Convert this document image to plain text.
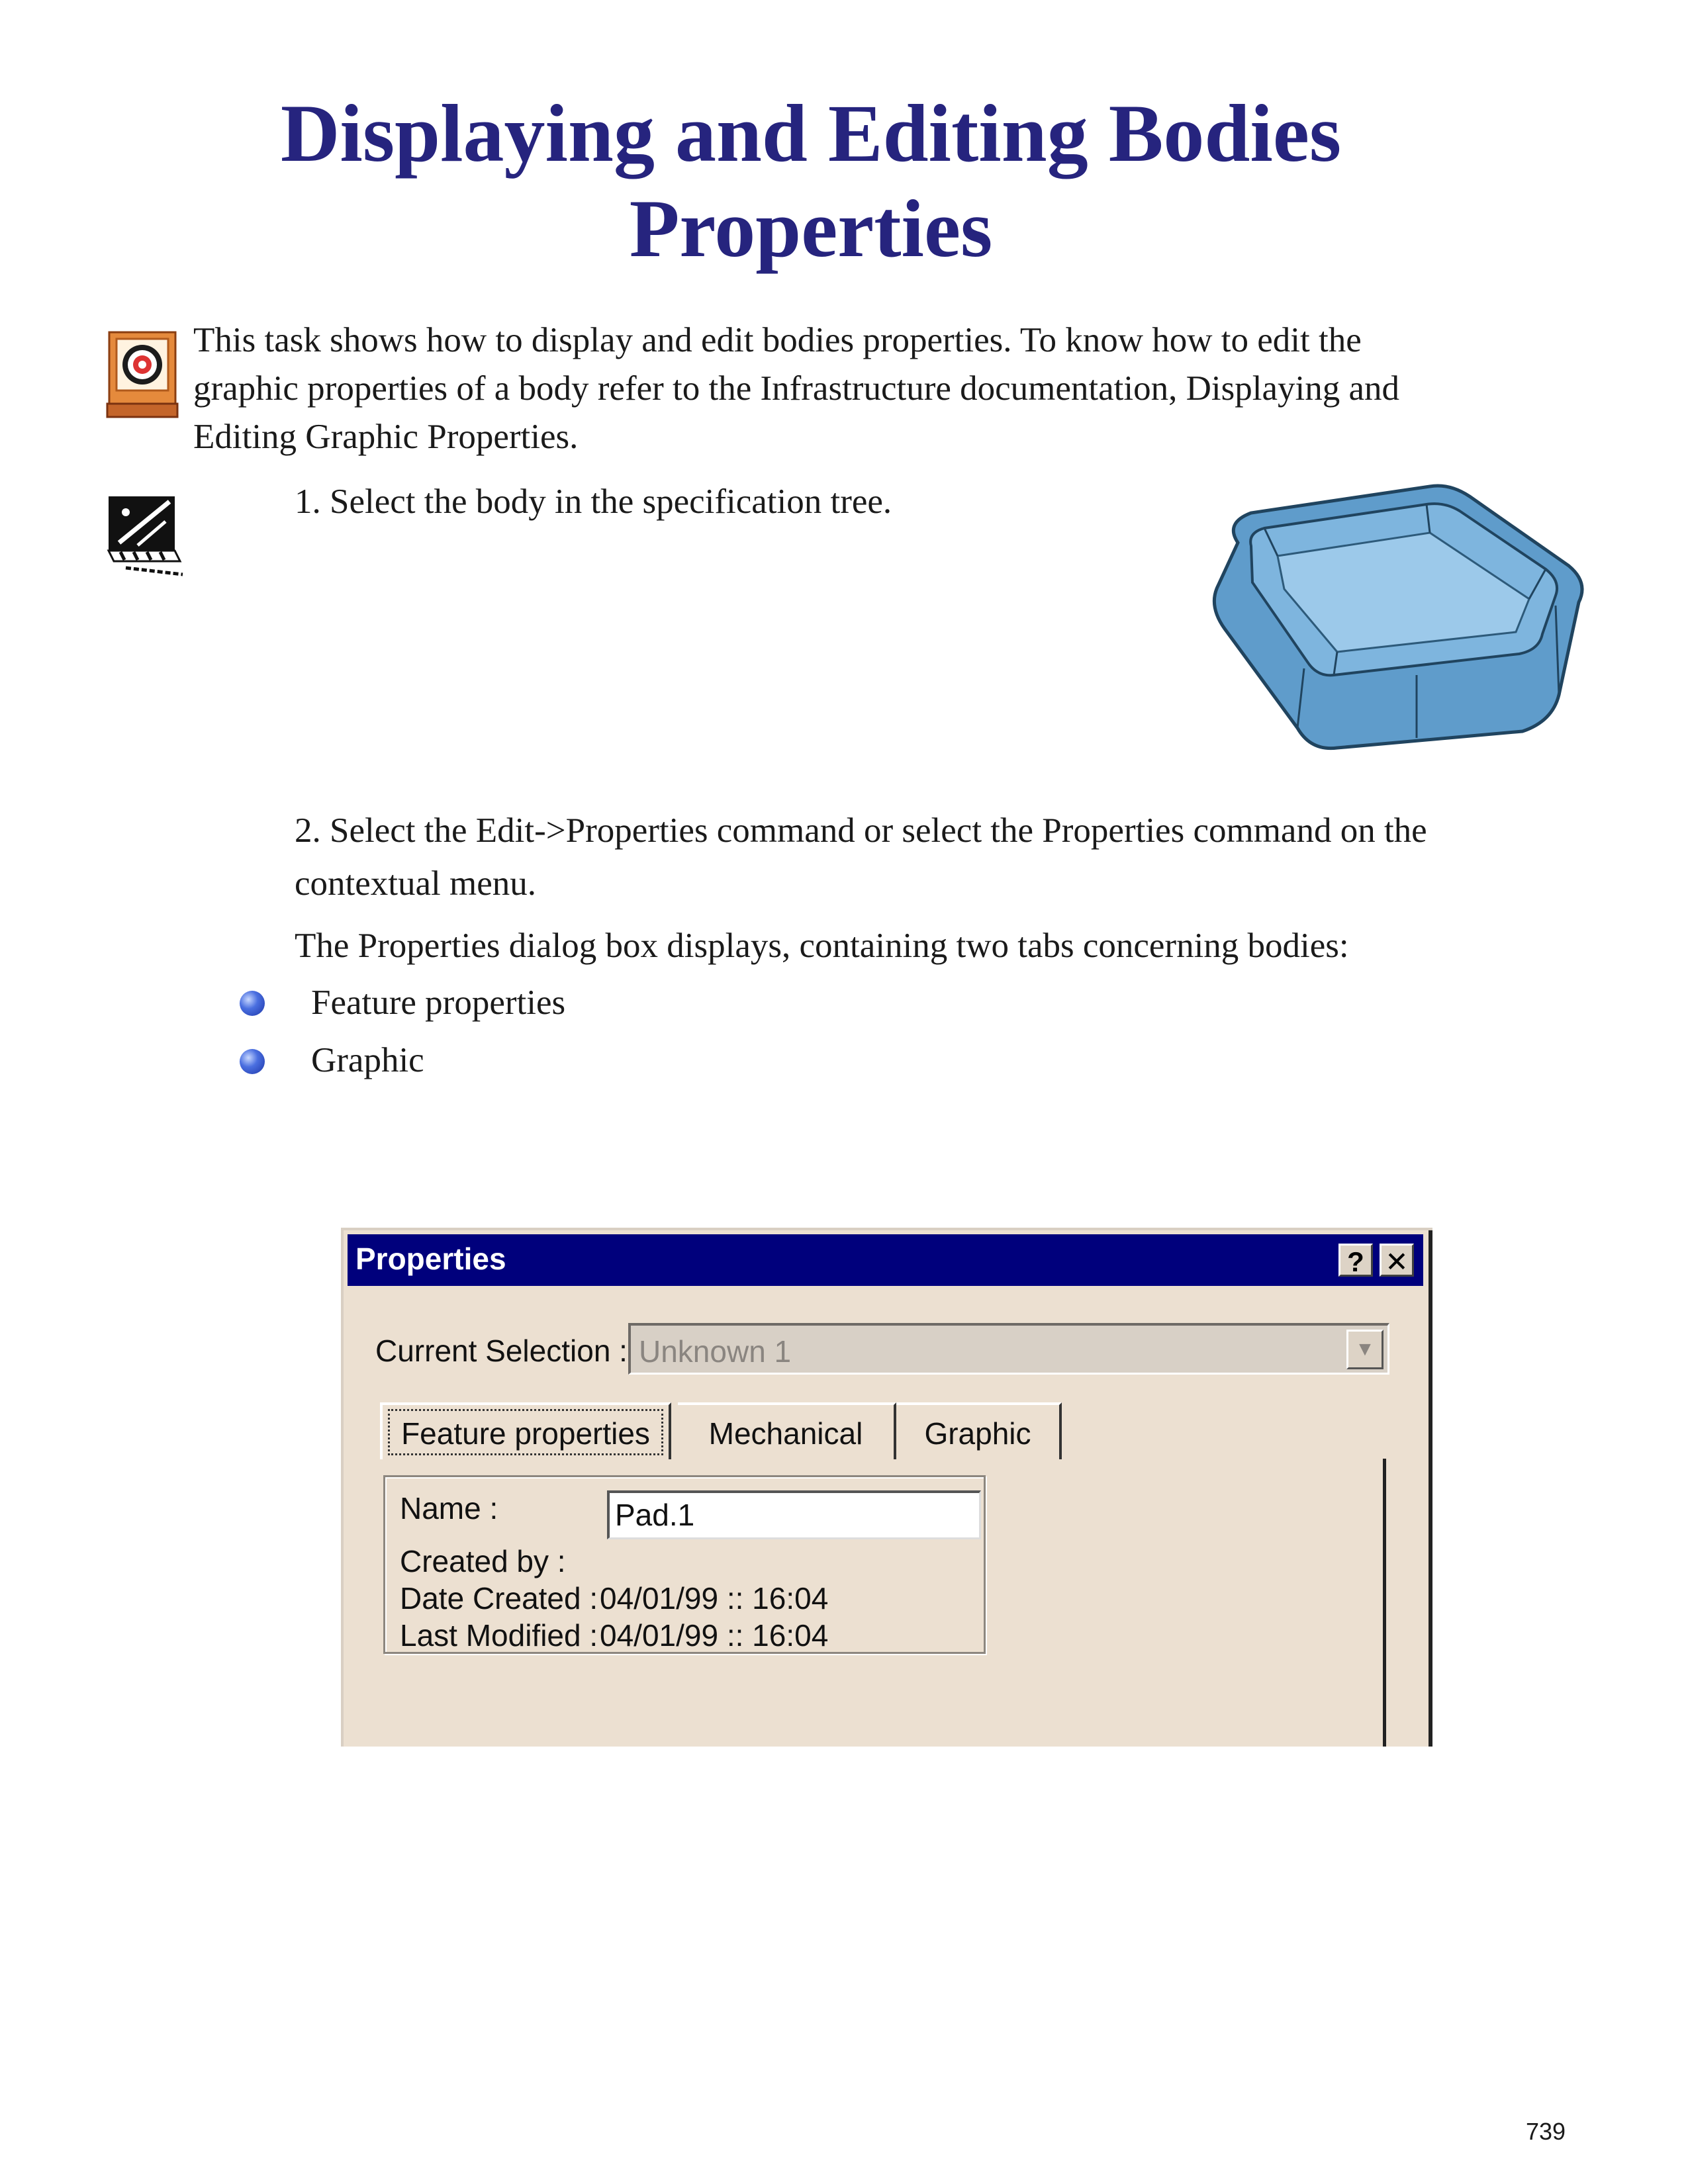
Displaying and Editing Bodies
Properties
This task shows how to display and edit bodies properties. To know how to edit the
graphic properties of a body refer to the Infrastructure documentation, Displaying and
Editing Graphic Properties.
1. Select the body in the specification tree.
2. Select the Edit->Properties command or select the Properties command on the
contextual menu.
The Properties dialog box displays, containing two tabs concerning bodies:
Feature properties
Graphic
Properties	? ✕
Current Selection : Unknown 1	▼
Feature properties	Mechanical	Graphic
Name :	Pad.1
Created by :
Date Created : 04/01/99 :: 16:04
Last Modified : 04/01/99 :: 16:04
739
